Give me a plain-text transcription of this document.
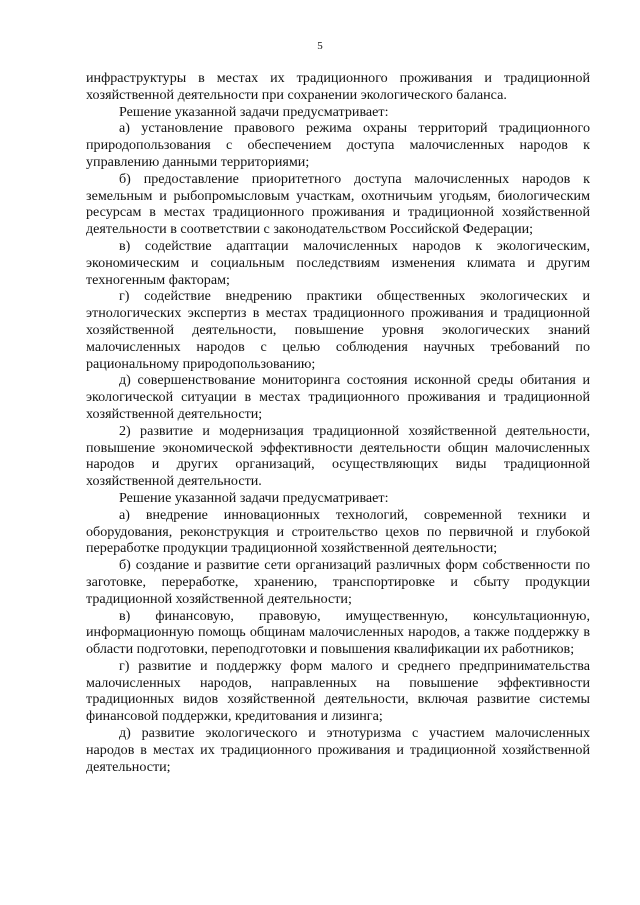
5

инфраструктуры в местах их традиционного проживания и традиционной хозяйственной деятельности при сохранении экологического баланса.

Решение указанной задачи предусматривает:

а) установление правового режима охраны территорий традиционного природопользования с обеспечением доступа малочисленных народов к управлению данными территориями;

б) предоставление приоритетного доступа малочисленных народов к земельным и рыбопромысловым участкам, охотничьим угодьям, биологическим ресурсам в местах традиционного проживания и традиционной хозяйственной деятельности в соответствии с законодательством Российской Федерации;

в) содействие адаптации малочисленных народов к экологическим, экономическим и социальным последствиям изменения климата и другим техногенным факторам;

г) содействие внедрению практики общественных экологических и этнологических экспертиз в местах традиционного проживания и традиционной хозяйственной деятельности, повышение уровня экологических знаний малочисленных народов с целью соблюдения научных требований по рациональному природопользованию;

д) совершенствование мониторинга состояния исконной среды обитания и экологической ситуации в местах традиционного проживания и традиционной хозяйственной деятельности;

2) развитие и модернизация традиционной хозяйственной деятельности, повышение экономической эффективности деятельности общин малочисленных народов и других организаций, осуществляющих виды традиционной хозяйственной деятельности.

Решение указанной задачи предусматривает:

а) внедрение инновационных технологий, современной техники и оборудования, реконструкция и строительство цехов по первичной и глубокой переработке продукции традиционной хозяйственной деятельности;

б) создание и развитие сети организаций различных форм собственности по заготовке, переработке, хранению, транспортировке и сбыту продукции традиционной хозяйственной деятельности;

в) финансовую, правовую, имущественную, консультационную, информационную помощь общинам малочисленных народов, а также поддержку в области подготовки, переподготовки и повышения квалификации их работников;

г) развитие и поддержку форм малого и среднего предпринимательства малочисленных народов, направленных на повышение эффективности традиционных видов хозяйственной деятельности, включая развитие системы финансовой поддержки, кредитования и лизинга;

д) развитие экологического и этнотуризма с участием малочисленных народов в местах их традиционного проживания и традиционной хозяйственной деятельности;
